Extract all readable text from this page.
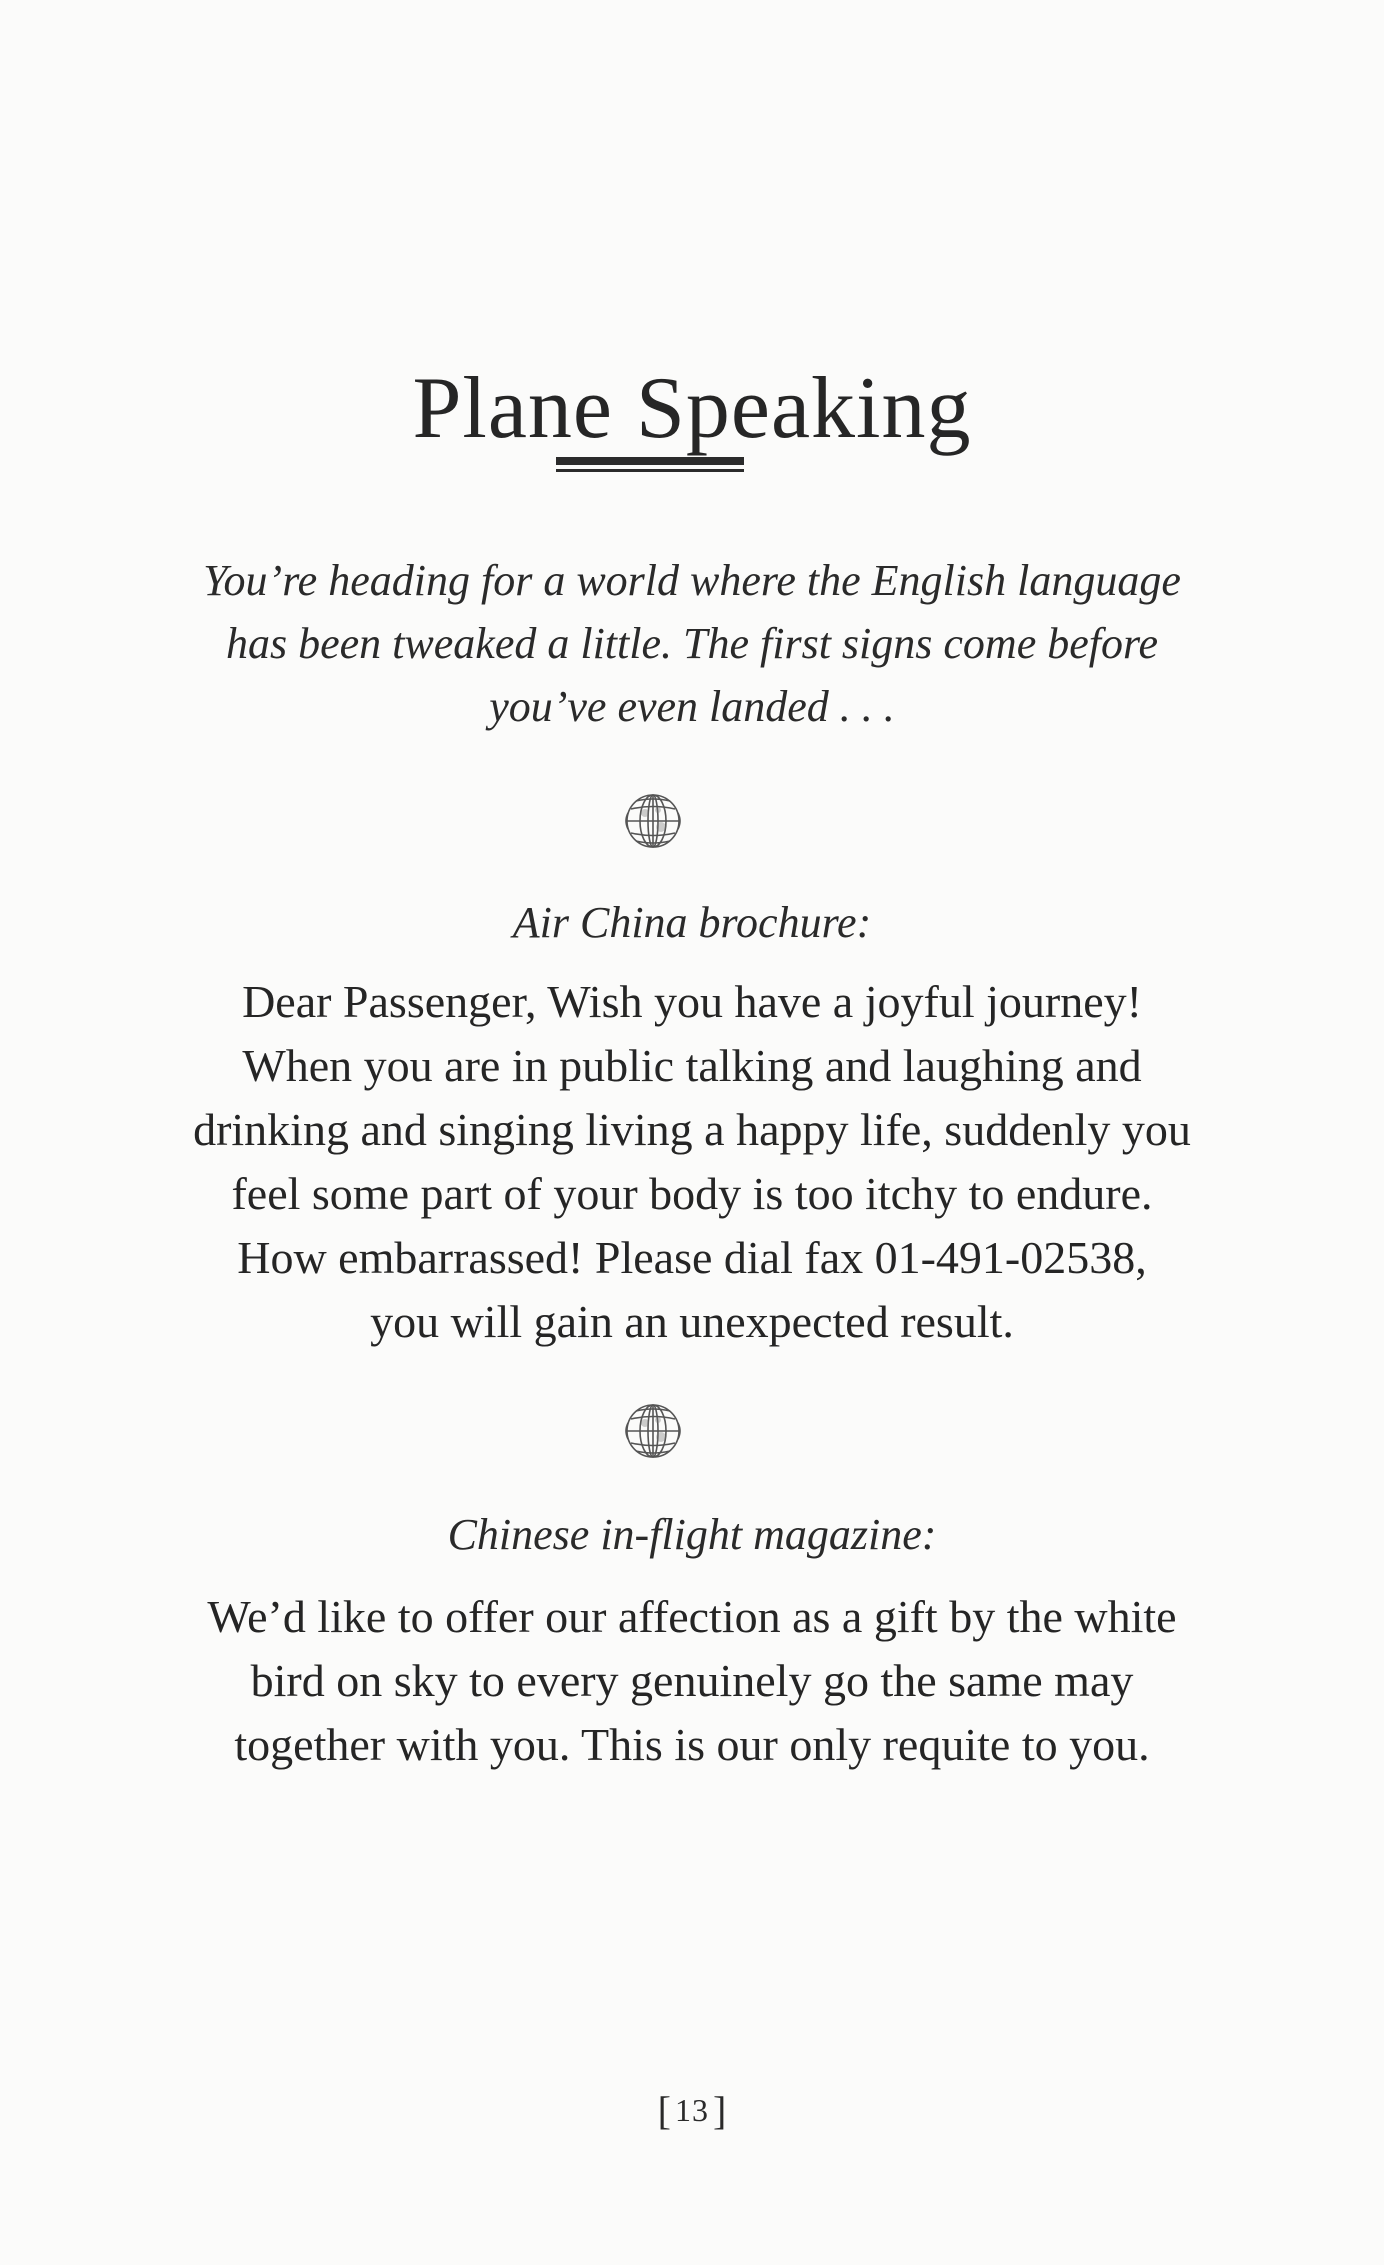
Plane Speaking
You’re heading for a world where the English language
has been tweaked a little. The first signs come before
you’ve even landed . . .
Air China brochure:
Dear Passenger, Wish you have a joyful journey!
When you are in public talking and laughing and
drinking and singing living a happy life, suddenly you
feel some part of your body is too itchy to endure.
How embarrassed! Please dial fax 01-491-02538,
you will gain an unexpected result.
Chinese in-flight magazine:
We’d like to offer our affection as a gift by the white
bird on sky to every genuinely go the same may
together with you. This is our only requite to you.
[ 13 ]
